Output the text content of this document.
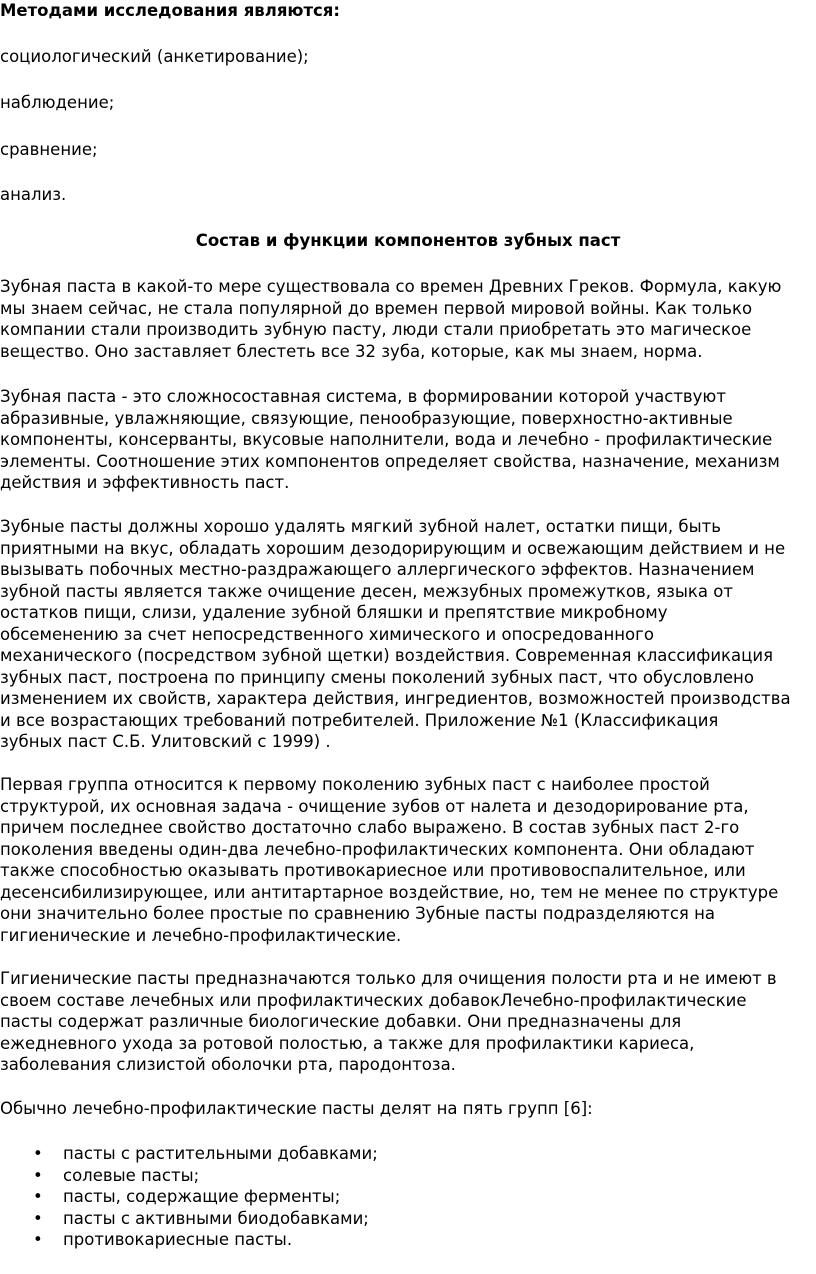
Методами исследования являются:

социологический (анкетирование);

наблюдение;

сравнение;

анализ.

Состав и функции компонентов зубных паст

Зубная паста в какой-то мере существовала со времен Древних Греков. Формула, какую
мы знаем сейчас, не стала популярной до времен первой мировой войны. Как только
компании стали производить зубную пасту, люди стали приобретать это магическое
вещество. Оно заставляет блестеть все 32 зуба, которые, как мы знаем, норма.

Зубная паста - это сложносоставная система, в формировании которой участвуют
абразивные, увлажняющие, связующие, пенообразующие, поверхностно-активные
компоненты, консерванты, вкусовые наполнители, вода и лечебно - профилактические
элементы. Соотношение этих компонентов определяет свойства, назначение, механизм
действия и эффективность паст.

Зубные пасты должны хорошо удалять мягкий зубной налет, остатки пищи, быть
приятными на вкус, обладать хорошим дезодорирующим и освежающим действием и не
вызывать побочных местно-раздражающего аллергического эффектов. Назначением
зубной пасты является также очищение десен, межзубных промежутков, языка от
остатков пищи, слизи, удаление зубной бляшки и препятствие микробному
обсеменению за счет непосредственного химического и опосредованного
механического (посредством зубной щетки) воздействия. Современная классификация
зубных паст, построена по принципу смены поколений зубных паст, что обусловлено
изменением их свойств, характера действия, ингредиентов, возможностей производства
и все возрастающих требований потребителей. Приложение №1 (Классификация
зубных паст С.Б. Улитовский с 1999) .

Первая группа относится к первому поколению зубных паст с наиболее простой
структурой, их основная задача - очищение зубов от налета и дезодорирование рта,
причем последнее свойство достаточно слабо выражено. В состав зубных паст 2-го
поколения введены один-два лечебно-профилактических компонента. Они обладают
также способностью оказывать противокариесное или противовоспалительное, или
десенсибилизирующее, или антитартарное воздействие, но, тем не менее по структуре
они значительно более простые по сравнению Зубные пасты подразделяются на
гигиенические и лечебно-профилактические.

Гигиенические пасты предназначаются только для очищения полости рта и не имеют в
своем составе лечебных или профилактических добавокЛечебно-профилактические
пасты содержат различные биологические добавки. Они предназначены для
ежедневного ухода за ротовой полостью, а также для профилактики кариеса,
заболевания слизистой оболочки рта, пародонтоза.

Обычно лечебно-профилактические пасты делят на пять групп [6]:

• пасты с растительными добавками;
• солевые пасты;
• пасты, содержащие ферменты;
• пасты с активными биодобавками;
• противокариесные пасты.
